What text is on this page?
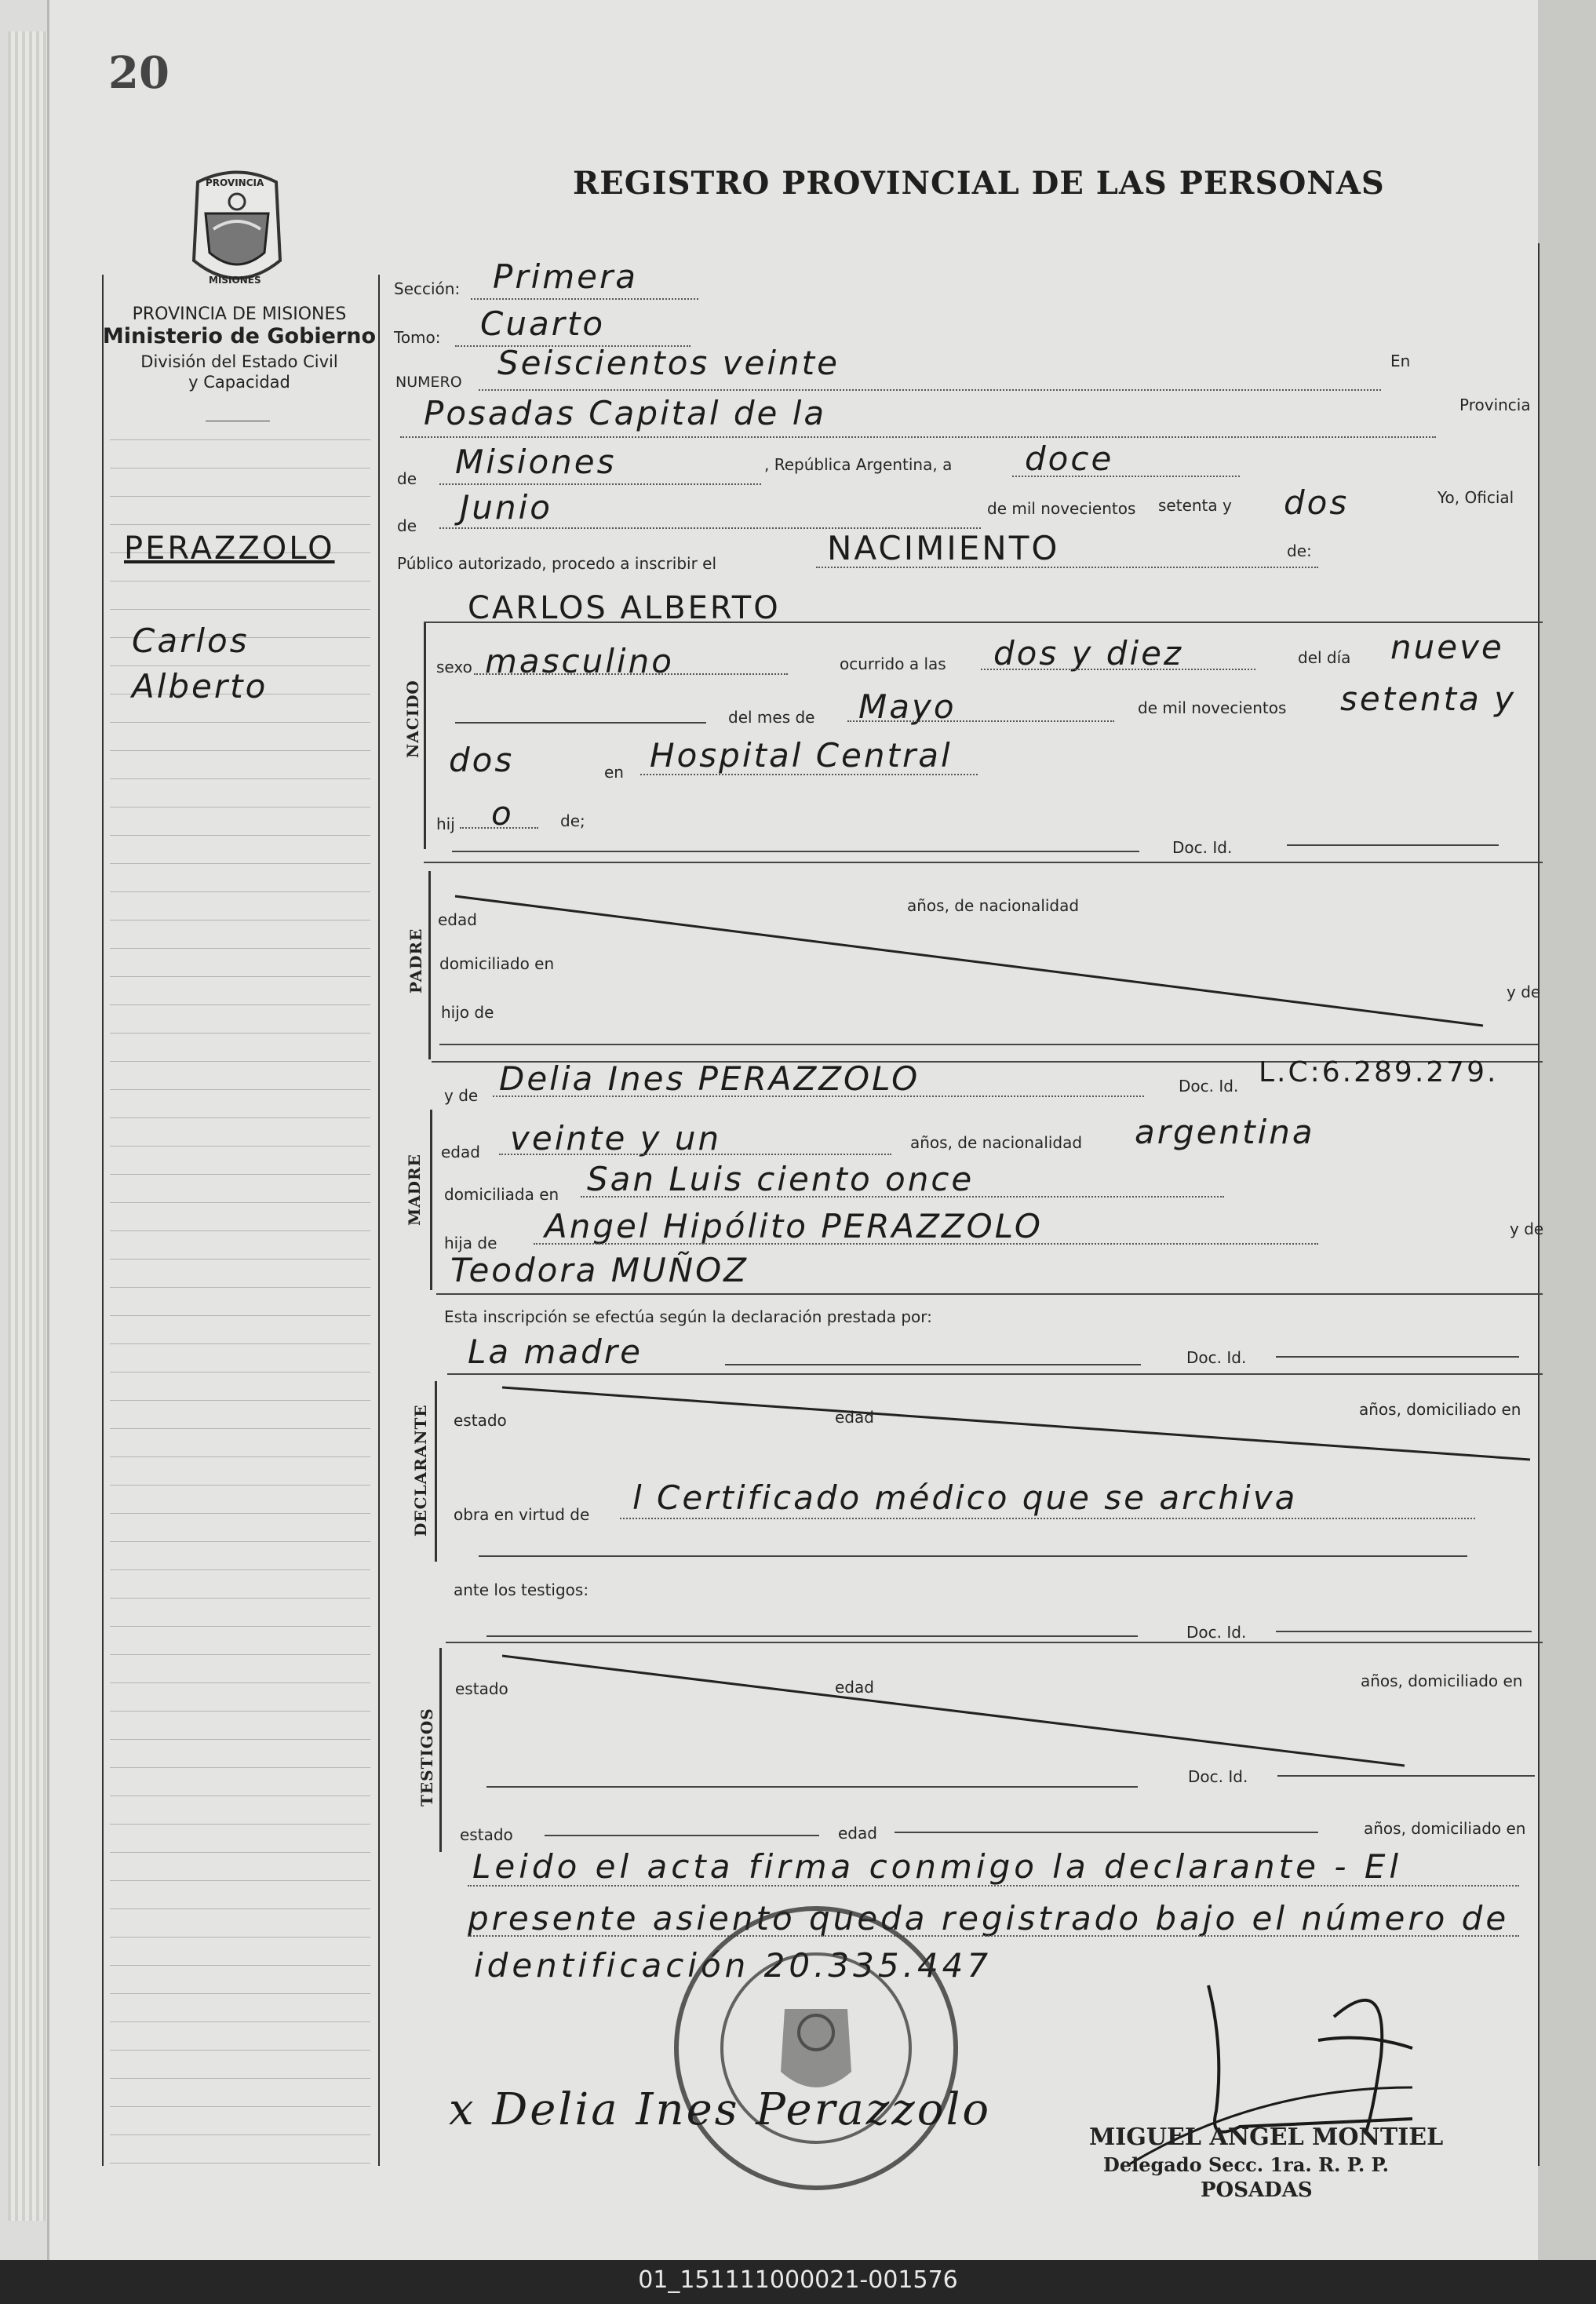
20
REGISTRO PROVINCIAL DE LAS PERSONAS
PROVINCIA
MISIONES
PROVINCIA DE MISIONES
Ministerio de Gobierno
División del Estado Civil
y Capacidad
PERAZZOLO
Carlos
Alberto
Sección: Primera
Tomo: Cuarto
NUMERO Seiscientos veinte	En
Posadas Capital de la	Provincia
de Misiones	, República Argentina, a doce
de Junio	de mil novecientos setenta y dos	Yo, Oficial
Público autorizado, procedo a inscribir el	NACIMIENTO	de:
NACIDO
CARLOS ALBERTO
sexo masculino	ocurrido a las dos y diez	del día nueve
del mes de Mayo	de mil novecientos setenta y
dos	en Hospital Central
hij o	de;
Doc. Id.
PADRE
edad
años, de nacionalidad
domiciliado en
hijo de
y de
y de Delia Ines PERAZZOLO	Doc. Id. L.C:6.289.279.
MADRE
edad veinte y un	años, de nacionalidad argentina
domiciliada en San Luis ciento once
hija de Angel Hipólito PERAZZOLO	y de
Teodora MUÑOZ
Esta inscripción se efectúa según la declaración prestada por:
La madre	Doc. Id.
DECLARANTE estado	edad	años, domiciliado en
obra en virtud de l Certificado médico que se archiva
ante los testigos:
Doc. Id.
TESTIGOS
estado	edad	años, domiciliado en
Doc. Id.
estado	edad	años, domiciliado en
Leido el acta firma conmigo la declarante - El
presente asiento queda registrado bajo el número de
identificación 20.335.447
x Delia Ines Perazzolo
MIGUEL ANGEL MONTIEL
Delegado Secc. 1ra. R. P. P.
POSADAS
01_151111000021-001576
